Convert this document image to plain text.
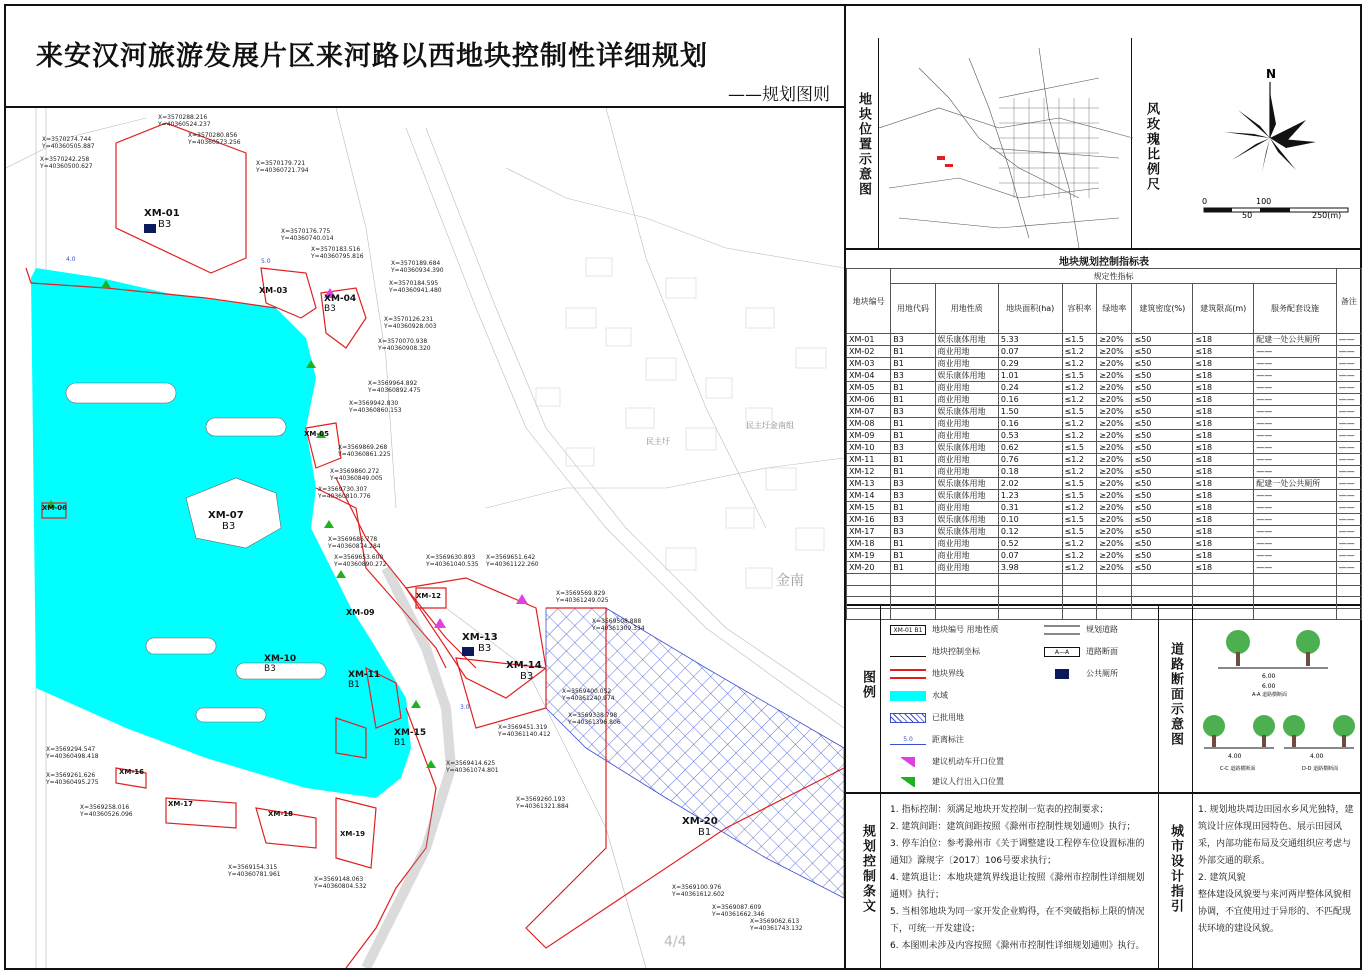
来安汉河旅游发展片区来河路以西地块控制性详细规划
——规划图则
XM-01
B3
XM-03
XM-04
B3
XM-05
XM-06
XM-07
B3
XM-09
XM-10
B3
XM-11
B1
XM-12
XM-13
B3
XM-14
B3
XM-15
B1
XM-16
XM-17
XM-18
XM-19
XM-20
B1
金南
民主圩
民主圩金南组
5.0
4.0
3.0
X=3570274.744
Y=40360505.887
X=3570288.216
Y=40360524.237
X=3570280.856
Y=40360573.256
X=3570242.258
Y=40360500.627	X=3570179.721
Y=40360721.794
X=3570176.775
Y=40360740.014
X=3570183.516
Y=40360795.816
X=3570189.684
Y=40360934.390
X=3570184.595
Y=40360941.480
X=3570126.231
Y=40360928.003
X=3570070.938
Y=40360908.320
X=3569964.892
Y=40360892.475
X=3569942.830
Y=40360860.153
X=3569869.268
Y=40360861.225
X=3569860.272
Y=40360849.005
X=3569730.307
Y=40360810.776
X=3569686.778
Y=40360874.284
X=3569653.600
Y=40360890.272
X=3569630.893
Y=40361040.535
X=3569651.642
Y=40361122.260
X=3569569.829
Y=40361249.025
X=3569508.888
Y=40361309.334
X=3569400.052
Y=40361240.974
X=3569338.798
Y=40361396.806
X=3569451.319
Y=40361140.412
X=3569414.625
Y=40361074.801
X=3569260.193
Y=40361321.884
X=3569100.976
Y=40361612.602
X=3569087.609
Y=40361662.346
X=3569062.613
Y=40361743.132
X=3569154.315
Y=40360781.961
X=3569148.063
Y=40360804.532
X=3569294.547
Y=40360498.418
X=3569261.626
Y=40360495.275
X=3569258.016
Y=40360526.096
4/4
地块位置示意图	风玫瑰比例尺
N
0
50
100
250(m)
地块规划控制指标表
地块编号	规定性指标								备注
	用地代码	用地性质	地块面积(ha)	容积率	绿地率	建筑密度(%)	建筑限高(m)	服务配套设施	
XM-01	B3	娱乐康体用地	5.33	≤1.5	≥20%	≤50	≤18	配建一处公共厕所	——
XM-02	B1	商业用地	0.07	≤1.2	≥20%	≤50	≤18	——	——
XM-03	B1	商业用地	0.29	≤1.2	≥20%	≤50	≤18	——	——
XM-04	B3	娱乐康体用地	1.01	≤1.5	≥20%	≤50	≤18	——	——
XM-05	B1	商业用地	0.24	≤1.2	≥20%	≤50	≤18	——	——
XM-06	B1	商业用地	0.16	≤1.2	≥20%	≤50	≤18	——	——
XM-07	B3	娱乐康体用地	1.50	≤1.5	≥20%	≤50	≤18	——	——
XM-08	B1	商业用地	0.16	≤1.2	≥20%	≤50	≤18	——	——
XM-09	B1	商业用地	0.53	≤1.2	≥20%	≤50	≤18	——	——
XM-10	B3	娱乐康体用地	0.62	≤1.5	≥20%	≤50	≤18	——	——
XM-11	B1	商业用地	0.76	≤1.2	≥20%	≤50	≤18	——	——
XM-12	B1	商业用地	0.18	≤1.2	≥20%	≤50	≤18	——	——
XM-13	B3	娱乐康体用地	2.02	≤1.5	≥20%	≤50	≤18	配建一处公共厕所	——
XM-14	B3	娱乐康体用地	1.23	≤1.5	≥20%	≤50	≤18	——	——
XM-15	B1	商业用地	0.31	≤1.2	≥20%	≤50	≤18	——	——
XM-16	B3	娱乐康体用地	0.10	≤1.5	≥20%	≤50	≤18	——	——
XM-17	B3	娱乐康体用地	0.12	≤1.5	≥20%	≤50	≤18	——	——
XM-18	B1	商业用地	0.52	≤1.2	≥20%	≤50	≤18	——	——
XM-19	B1	商业用地	0.07	≤1.2	≥20%	≤50	≤18	——	——
XM-20	B1	商业用地	3.98	≤1.2	≥20%	≤50	≤18	——	——

图例
XM-01 B1	地块编号 用地性质	规划道路
地块控制坐标	A—A	道路断面
地块界线	公共厕所
水域
已批用地
5.0	距离标注
建议机动车开口位置
建议人行出入口位置
道路断面示意图	6.00
6.00
A-A 道路横断面
4.00	4.00
C-C 道路横断面	D-D 道路横断面
规划控制条文
1. 指标控制：须满足地块开发控制一览表的控制要求；
2. 建筑间距：建筑间距按照《滁州市控制性规划通则》执行；
3. 停车泊位：参考滁州市《关于调整建设工程停车位设置标准的通知》滁规字〔2017〕106号要求执行；
4. 建筑退让：本地块建筑界线退让按照《滁州市控制性详细规划通则》执行；
5. 当相邻地块为同一家开发企业购得，在不突破指标上限的情况下，可统一开发建设；
6. 本图则未涉及内容按照《滁州市控制性详细规划通则》执行。
城市设计指引
1. 规划地块周边田园水乡风光独特，建筑设计应体现田园特色、展示田园风采，内部功能布局及交通组织应考虑与外部交通的联系。
2. 建筑风貌
整体建设风貌要与来河两岸整体风貌相协调，不宜使用过于异形的、不匹配现状环境的建设风貌。
